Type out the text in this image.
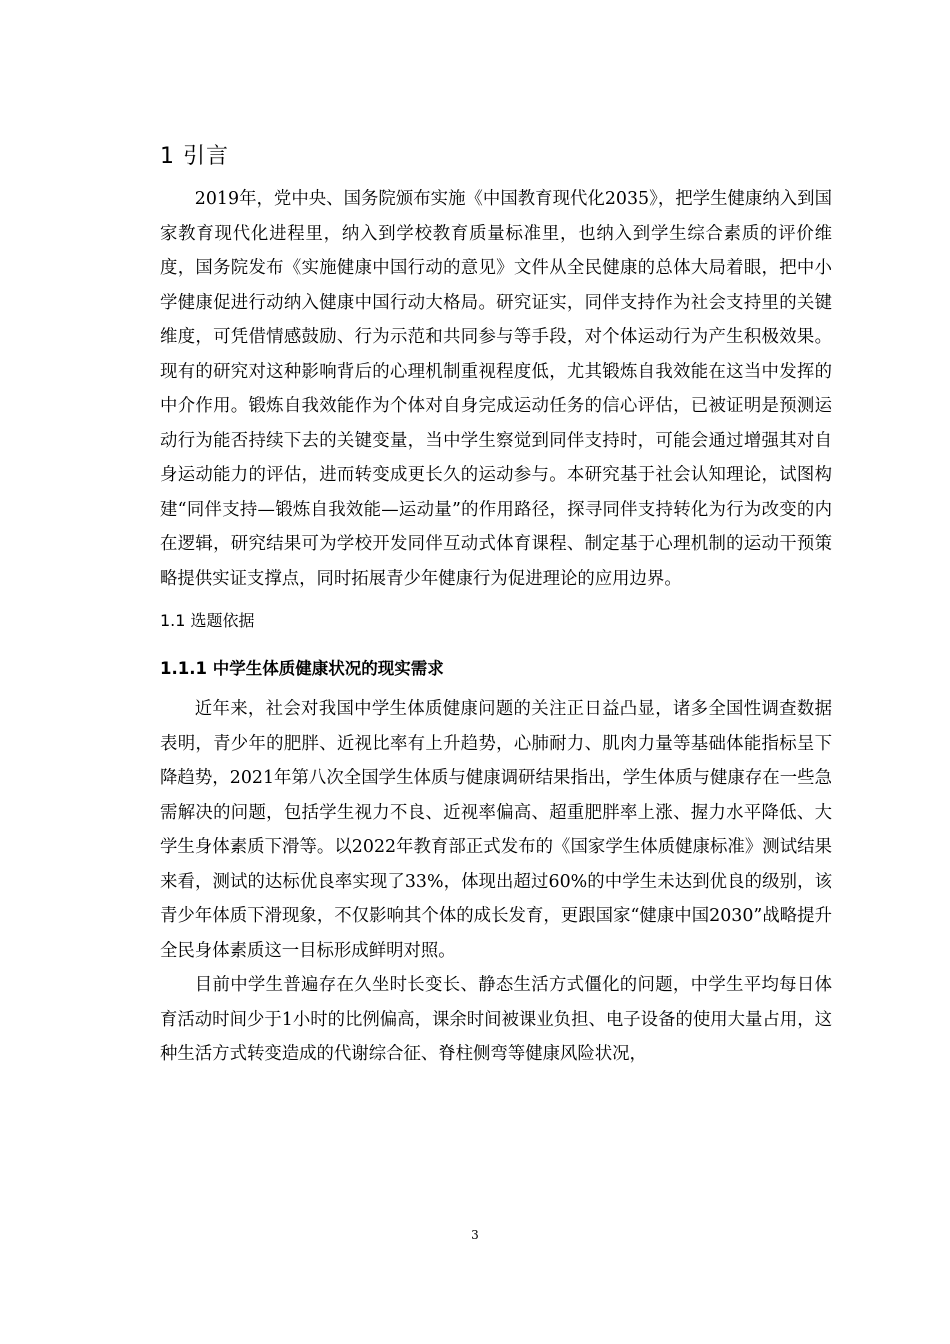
1 引言

2019年，党中央、国务院颁布实施《中国教育现代化2035》，把学生健康纳入到国家教育现代化进程里，纳入到学校教育质量标准里，也纳入到学生综合素质的评价维度，国务院发布《实施健康中国行动的意见》文件从全民健康的总体大局着眼，把中小学健康促进行动纳入健康中国行动大格局。研究证实，同伴支持作为社会支持里的关键维度，可凭借情感鼓励、行为示范和共同参与等手段，对个体运动行为产生积极效果。现有的研究对这种影响背后的心理机制重视程度低，尤其锻炼自我效能在这当中发挥的中介作用。锻炼自我效能作为个体对自身完成运动任务的信心评估，已被证明是预测运动行为能否持续下去的关键变量，当中学生察觉到同伴支持时，可能会通过增强其对自身运动能力的评估，进而转变成更长久的运动参与。本研究基于社会认知理论，试图构建“同伴支持—锻炼自我效能—运动量”的作用路径，探寻同伴支持转化为行为改变的内在逻辑，研究结果可为学校开发同伴互动式体育课程、制定基于心理机制的运动干预策略提供实证支撑点，同时拓展青少年健康行为促进理论的应用边界。

1.1 选题依据
1.1.1 中学生体质健康状况的现实需求

近年来，社会对我国中学生体质健康问题的关注正日益凸显，诸多全国性调查数据表明，青少年的肥胖、近视比率有上升趋势，心肺耐力、肌肉力量等基础体能指标呈下降趋势，2021年第八次全国学生体质与健康调研结果指出，学生体质与健康存在一些急需解决的问题，包括学生视力不良、近视率偏高、超重肥胖率上涨、握力水平降低、大学生身体素质下滑等。以2022年教育部正式发布的《国家学生体质健康标准》测试结果来看，测试的达标优良率实现了33%，体现出超过60%的中学生未达到优良的级别，该青少年体质下滑现象，不仅影响其个体的成长发育，更跟国家“健康中国2030”战略提升全民身体素质这一目标形成鲜明对照。

目前中学生普遍存在久坐时长变长、静态生活方式僵化的问题，中学生平均每日体育活动时间少于1小时的比例偏高，课余时间被课业负担、电子设备的使用大量占用，这种生活方式转变造成的代谢综合征、脊柱侧弯等健康风险状况，

3
